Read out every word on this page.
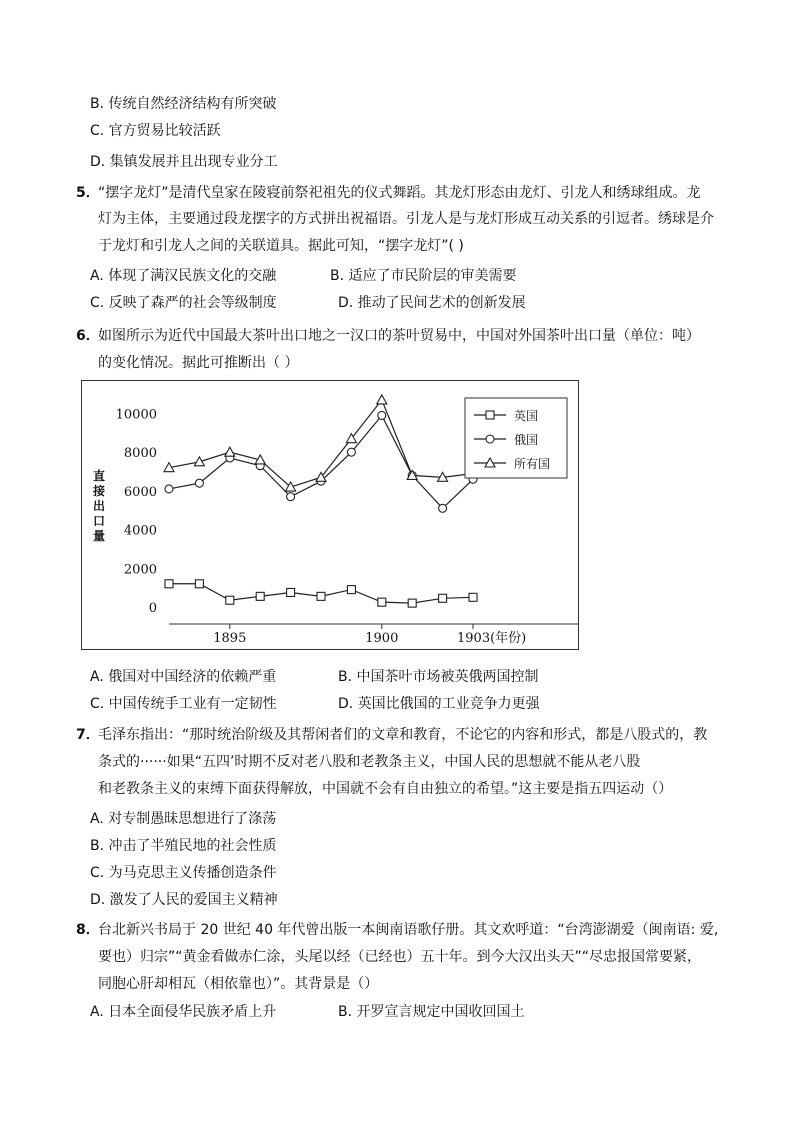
B. 传统自然经济结构有所突破
C. 官方贸易比较活跃
D. 集镇发展并且出现专业分工
5．
“摆字龙灯”是清代皇家在陵寝前祭祀祖先的仪式舞蹈。其龙灯形态由龙灯、引龙人和绣球组成。龙
灯为主体，主要通过段龙摆字的方式拼出祝福语。引龙人是与龙灯形成互动关系的引逗者。绣球是介
于龙灯和引龙人之间的关联道具。据此可知，“摆字龙灯”( )
A. 体现了满汉民族文化的交融	B. 适应了市民阶层的审美需要
C. 反映了森严的社会等级制度	D. 推动了民间艺术的创新发展
6．
如图所示为近代中国最大茶叶出口地之一汉口的茶叶贸易中，中国对外国茶叶出口量（单位：吨）
的变化情况。据此可推断出（ ）
直
接
出
口
量
10000
8000
6000
4000
2000
0
1895	1900	1903(年份)
英国
俄国
所有国
A. 俄国对中国经济的依赖严重	B. 中国茶叶市场被英俄两国控制
C. 中国传统手工业有一定韧性	D. 英国比俄国的工业竞争力更强
7．
毛泽东指出：“那时统治阶级及其帮闲者们的文章和教育，不论它的内容和形式，都是八股式的，教
条式的······如果“五四’时期不反对老八股和老教条主义，中国人民的思想就不能从老八股
和老教条主义的束缚下面获得解放，中国就不会有自由独立的希望。”这主要是指五四运动（）
A. 对专制愚昧思想进行了涤荡
B. 冲击了半殖民地的社会性质
C. 为马克思主义传播创造条件
D. 激发了人民的爱国主义精神
8．
台北新兴书局于 20 世纪 40 年代曾出版一本闽南语歌仔册。其文欢呼道：“台湾澎湖爱（闽南语: 爱,
要也）归宗”“黄金看做赤仁涂，头尾以经（已经也）五十年。到今大汉出头天”“尽忠报国常要紧，
同胞心肝却相瓦（相依靠也）”。其背景是（）
A. 日本全面侵华民族矛盾上升	B. 开罗宣言规定中国收回国土
